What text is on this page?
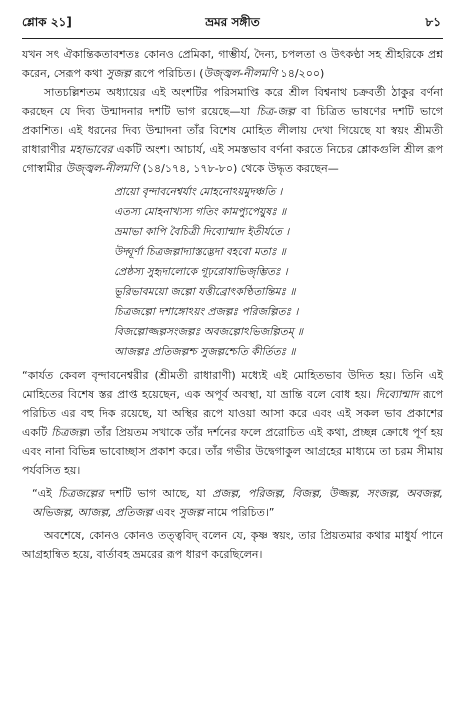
শ্লোক ২১]	ভ্রমর সঙ্গীত	৮১

যখন সৎ ঐকান্তিকতাবশতঃ কোনও প্রেমিকা, গাম্ভীর্য, দৈন্য, চপলতা ও উৎকণ্ঠা সহ শ্রীহরিকে প্রশ্ন করেন, সেরূপ কথা সুজল্প রূপে পরিচিত। (উজ্জ্বল-নীলমণি ১৪/২০০)

সাতচল্লিশতম অধ্যায়ের এই অংশটির পরিসমাপ্তি করে শ্রীল বিশ্বনাথ চক্রবর্তী ঠাকুর বর্ণনা করছেন যে দিব্য উন্মাদনার দশটি ভাগ রয়েছে—যা চিত্র-জল্প বা চিত্রিত ভাষণের দশটি ভাগে প্রকাশিত। এই ধরনের দিব্য উন্মাদনা তাঁর বিশেষ মোহিত লীলায় দেখা গিয়েছে যা স্বয়ং শ্রীমতী রাধারাণীর মহাভাবের একটি অংশ। আচার্য, এই সমস্তভাব বর্ণনা করতে নিচের শ্লোকগুলি শ্রীল রূপ গোস্বামীর উজ্জ্বল-নীলমণি (১৪/১৭৪, ১৭৮-৮০) থেকে উদ্ধৃত করছেন—

প্রায়ো বৃন্দাবনেশ্বর্যাং মোহনোঽয়মুদঞ্চতি ।
এতস্য মোহনাখ্যস্য গতিং কামপ্যুপেয়ুষঃ ॥
ভ্রমাভা কাপি বৈচিত্রী দিব্যোন্মাদ ইতীর্যতে ।
উদ্ঘূর্ণা চিত্রজল্পাদ্যাস্তদ্ভেদা বহবো মতাঃ ॥
প্রেষ্ঠস্য সুহৃদালোকে গূঢ়রোষাভিজৃম্ভিতঃ ।
ভূরিভাবময়ো জল্পো যত্তীব্রোৎকণ্ঠিতান্তিমঃ ॥
চিত্রজল্পো দশাঙ্গোঽয়ং প্রজল্পঃ পরিজল্পিতঃ ।
বিজল্পোজ্জল্পসংজল্পঃ অবজল্পোঽভিজল্পিতম্ ॥
আজল্পঃ প্রতিজল্পশ্চ সুজল্পশ্চেতি কীর্তিতঃ ॥

“কার্যত কেবল বৃন্দাবনেশ্বরীর (শ্রীমতী রাধারাণী) মধ্যেই এই মোহিতভাব উদিত হয়। তিনি এই মোহিতের বিশেষ স্তর প্রাপ্ত হয়েছেন, এক অপূর্ব অবস্থা, যা ভ্রান্তি বলে বোধ হয়। দিব্যোন্মাদ রূপে পরিচিত এর বহু দিক রয়েছে, যা অস্থির রূপে যাওয়া আসা করে এবং এই সকল ভাব প্রকাশের একটি চিত্রজল্প। তাঁর প্রিয়তম সখাকে তাঁর দর্শনের ফলে প্ররোচিত এই কথা, প্রচ্ছন্ন ক্রোধে পূর্ণ হয় এবং নানা বিভিন্ন ভাবোচ্ছাস প্রকাশ করে। তাঁর গভীর উদ্বেগাকুল আগ্রহের মাধ্যমে তা চরম সীমায় পর্যবসিত হয়।

“এই চিত্রজল্পের দশটি ভাগ আছে, যা প্রজল্প, পরিজল্প, বিজল্প, উজ্জল্প, সংজল্প, অবজল্প, অভিজল্প, আজল্প, প্রতিজল্প এবং সুজল্প নামে পরিচিত।”

অবশেষে, কোনও কোনও তত্ত্ববিদ্ বলেন যে, কৃষ্ণ স্বয়ং, তার প্রিয়তমার কথার মাধুর্য পানে আগ্রহান্বিত হয়ে, বার্তাবহ ভ্রমরের রূপ ধারণ করেছিলেন।
